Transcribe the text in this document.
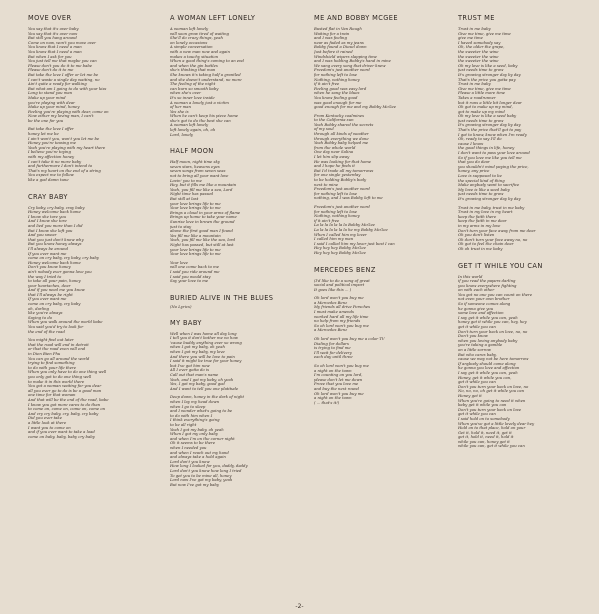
MOVE OVER
You say that it's over baby
You say that it's over now
But still you hang around
Come on now, won't you move over
You know that I need a man
You know that I need a man
But when I ask for you
You just tell me that maybe you can
Please don't you do it to me babe
Please don't do it to me
But take the love I offer or let me be
I can't waste a single day waiting, no
Ain't quite a ready for walking
But what am I going to do with your kiss
Long to stand you man
Make up your mind
you're playing with dear
Make up your mind, honey
Feeling you're playing with dear, come on
Now either my loving man, I can't
be the one for you
But take the love I offer
honey let me be
I ain't won't you, won't you let me be
Honey you're teasing me
Yeah you're playing with my heart there
I believe you're toying
with my affection honey
I can't take it no more baby
and furthermore I don't intend to
That's my heart on the end of a string
You expect me to follow
like a god damn tune
CRAY BABY
Cry baby, cry baby, cray baby
Honey welcome back home
I know she tore you
And I know she tore
and lied you more than I did
But I know she left you
And you swear
that you just don't know why
But you know honey always
I'll always be around
If you ever want me
come on cry baby, cry baby, cry baby
Honey welcome back home
Don't you know honey
ain't nobody ever gonna love you
the way I tried to
to take all your pain, honey
your heartaches, dear
And if you need me you know
that I'll always be right
If you ever want me
come on cry baby, cry baby
oh, darling
like you're always
Saying to do
When you walk around the world babe
You said you'd try to look for
the end of the road
You might find out later
that the road will end in detroit
or that the road even will end
in Dien Bien Phu
You can go all around the world
trying to find something
to do with your life there
When you only have to do one thing well
you only got to do one thing well
to make it in this world there
You got a woman waiting for you dear
all you ever go to do is be a good man
one time for that woman
And that will be the end of the road, babe
I know you got more cares to do than
to come on, come on, come on, come on
And cry cry baby, cry, baby, cry baby
Did you ever take
a little look at there
I want you to come on
and if you ever want to take a load
come on baby, baby, baby cry baby
A WOMAN LEFT LONELY
A woman left lonely
will soon grow tired of waiting
She'll do crazy things, yeah
on lonely occasions
A simple conversation
with a new man now and again
makes a touchy situation
When a good thing's coming to an end
and when the gin bottles
she's thinking that man
She knows it's taking half a grantled
and she doesn't understand, no more
The feeling of the night
can burn so smooth baby
when she's over
It's so inner love inside
A woman a lonely just a victim
of her man
Yes she is
When he can't keep his piece home
she's got to do the best she can
A woman left lonely
left lonely again, oh, oh
Lord, lonely
HALF MOON
Half moon, night time sky
seven stars, heavens eyes
seven songs from seven seas
not to bring all your want love
Lovin' you to me
Hey, but it fills me like a mountain
Yeah, you fill me like a sea, Lord
Night time has passed
But still at last
your love brings life to me
Your love brings life to me
Brings a cloud in your arms of flame
Brings up home to take your name
Sunrise love in brown the ground
just to stay
above the first good man I found
Yes fill me like a mountain
Yeah, you fill me like the sea, lord
Night has passed, but still at last
your love brings life to me
Your love brings life to me
Your love
will one come back to me
I said you ride around me
I said you would stay
Say your love to me
BURIED ALIVE IN THE BLUES
(No Lyrics)
MY BABY
Well when I was home all day long
I tell you it don't bother me no how
'cause buddy anything ever so wrong
when I got my baby, oh yeah
when I got my baby, my love
And there you will be love to pain
I said it might be true for your honey
but I've got him now
All I ever gotta do is
Call out that man's name
Yeah, and I got my baby, oh yeah
Yes, I got my baby, good god
And I want to tell you one platitude
Deep down, honey in the dark of night
when I lay my head down
when I go to sleep
and I wonder what's going to be
to do with him when I
I think everything's going
to be all right
Yeah I got my baby, oh yeah
When I got my only baby
and when I'm on the corner night
Oh it seems to be there
when I needed you
and when I reach out my hand
and always take a hold again
Lord don't you know
How long I looked for you, daddy, daddy
Lord don't you know how long I tried
To get you to be mine all, honey
Lord now I've got my baby, yeah
But now I've got my baby
ME AND BOBBY MCGEE
Busted flat in Van Rough
Waiting for a train
and I was feeling
near as faded as my jeans
Bobby found a Diesel down
Just before it rained
Windshield wipers slapping time
and I was holding Bobby's hand in mine
We sang every song that driver knew
Freedom's just another word
for nothing left to lose
Nothing, nothing honey
if it ain't free
Feeling good was easy lord
when he sang the blues
You know feeling good
was good enough for me
good enough for me and my Bobby McGee
From Kentucky coalmines
to the California sun
Yeah Bobby shared the secrets
of my soul
through all kinds of weather
through everything we done
Yeah Bobby baby helped me
from the whole world
One day near Salina
I let him slip away
He was looking for that home
and I hope he finds it
But I'd trade all my tomorrows
for one single yesterday
to be holding Bobby's body
next to mine
Freedom's just another word
for nothing left to lose
nothing, and I was Bobby left to me
Freedom's just another word
for nothing left to lose
Nothing, nothing honey
if it ain't free
La la la la la la la Bobby McGee
La la la la la la la he my Bobby McGee
When I called him my lover
I called him my man
I said I called him my lover just best I can
Hey hey hey Bobby McGee
Hey hey hey Bobby McGee
MERCEDES BENZ
(I'd like to do a song of great
social and political import
It goes like this ... )
Oh lord won't you buy me
a Mercedes Benz
My friends all drive Porsches
I must make amends
worked hard all my life time
no help from my friends
So oh lord won't you buy me
a Mercedes Benz
Oh lord won't you buy me a color TV
Dialing for dollars
is trying to find me
I'll wait for delivery
each day until three
So oh lord won't you buy me
a night on the town
I'm counting on you lord,
please don't let me down
Prove that you love me
and buy the next round
Oh lord won't you buy me
a night on the town
( ... that's it!)
TRUST ME
Trust in me baby
Give me time, give me time
give me time
I haved somebody say
Oh, the older the grape,
the sweeter the wine
the sweeter the wine
the sweeter the wine
Oh my love is like a seed, baby
just needs time to grow
It's growing stronger day by day
That's the price you gotta pay
Trust in me baby
Give me time, give me time
Please a little more time
Takes a roadrunner
but it runs a little bit longer dear
Oh got to make up my mind,
got to make up my mind
Oh my love is like a seed baby
just needs time to grow
It's growing stronger day by day
That's the price that'll got to pay
I got to know, know when I'm ready
Oh, ready to say I'll do
cause I know
the good things in life, honey
I don't want to pass your love around
So if you love me like you tell me
that you do dear
you shouldn't mind paying the price,
honey, any price
Love is supposed to be
the special kind of thing
Make anybody want to sacrifice
My love is like a seed baby
just needs time to grow
It's growing stronger day by day
Trust in me baby, trust in me baby
Trust in my love in my heart
keep the faith there
keep the faith in me dear
in my arms in my love
Don't turn your face away from me dear
Oh you don't listen
Oh don't turn your face away no, no
Oh got to feel the chain dear
Oh oh trust in me baby
GET IT WHILE YOU CAN
In this world
if you read the papers darling
you know everywhere fighting
on with each other
You got no one you can count on there
not even your own brother
So if someone comes along
he gonna give you
some love and affection
I say get it while you can, yeah
honey get it while you can, hey, hey
get it while you can
Don't turn your back on love, no, no
Don't you know
when you loving anybody baby
you're taking a gamble
on a little sorrow
But who cares baby,
cause we may not be here tomorrow
If anybody should come along
he gonna you love and affection
I say get it while you can, yeah
Honey, get it while you can,
get it while you can
Don't you turn your back on love, no
No, no, no, oh get it while you can
Honey get it
When you're going to need it when
baby get it while you can
Don't you turn your back on love
get it while you can
I said hold on to somebody
When you've got a little lovely dear hey
Hold on to that place, hold on your
Get it, hold it, need it, get it
get it, hold it, need it, hold it
while you can, honey get it
while you can, get it while you can
-2-
